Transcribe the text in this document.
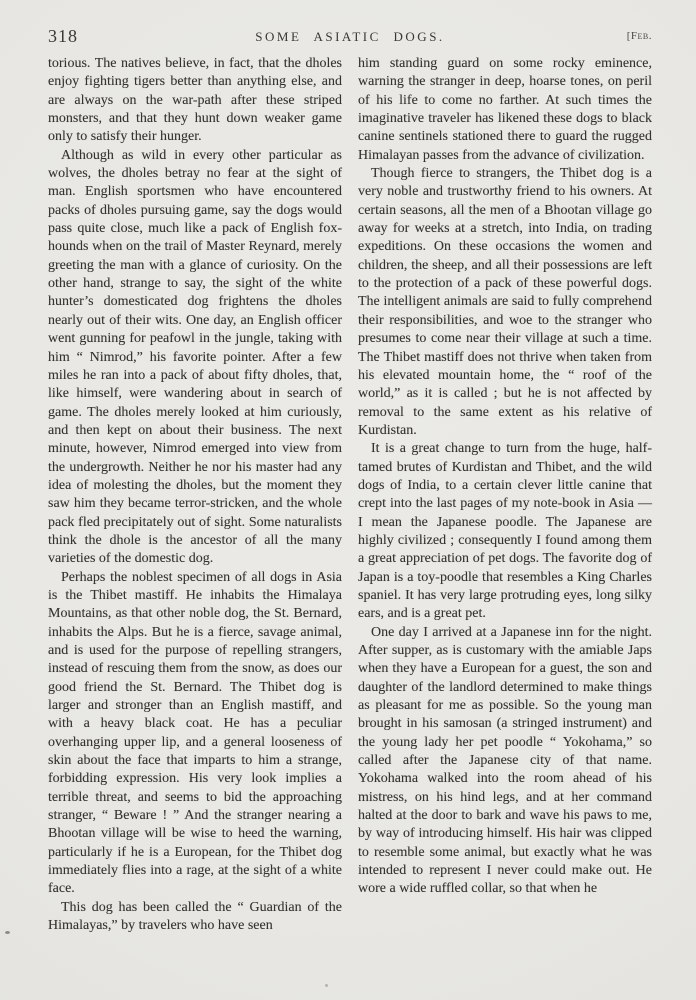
318	SOME ASIATIC DOGS.	[Feb.

torious. The natives believe, in fact, that the dholes enjoy fighting tigers better than anything else, and are always on the war-path after these striped monsters, and that they hunt down weaker game only to satisfy their hunger.

Although as wild in every other particular as wolves, the dholes betray no fear at the sight of man. English sportsmen who have encountered packs of dholes pursuing game, say the dogs would pass quite close, much like a pack of English fox-hounds when on the trail of Master Reynard, merely greeting the man with a glance of curiosity. On the other hand, strange to say, the sight of the white hunter’s domesticated dog frightens the dholes nearly out of their wits. One day, an English officer went gunning for peafowl in the jungle, taking with him “ Nimrod,” his favorite pointer. After a few miles he ran into a pack of about fifty dholes, that, like himself, were wandering about in search of game. The dholes merely looked at him curiously, and then kept on about their business. The next minute, however, Nimrod emerged into view from the undergrowth. Neither he nor his master had any idea of molesting the dholes, but the moment they saw him they became terror-stricken, and the whole pack fled precipitately out of sight. Some naturalists think the dhole is the ancestor of all the many varieties of the domestic dog.

Perhaps the noblest specimen of all dogs in Asia is the Thibet mastiff. He inhabits the Himalaya Mountains, as that other noble dog, the St. Bernard, inhabits the Alps. But he is a fierce, savage animal, and is used for the purpose of repelling strangers, instead of rescuing them from the snow, as does our good friend the St. Bernard. The Thibet dog is larger and stronger than an English mastiff, and with a heavy black coat. He has a peculiar overhanging upper lip, and a general looseness of skin about the face that imparts to him a strange, forbidding expression. His very look implies a terrible threat, and seems to bid the approaching stranger, “ Beware ! ” And the stranger nearing a Bhootan village will be wise to heed the warning, particularly if he is a European, for the Thibet dog immediately flies into a rage, at the sight of a white face.

This dog has been called the “ Guardian of the Himalayas,” by travelers who have seen

him standing guard on some rocky eminence, warning the stranger in deep, hoarse tones, on peril of his life to come no farther. At such times the imaginative traveler has likened these dogs to black canine sentinels stationed there to guard the rugged Himalayan passes from the advance of civilization.

Though fierce to strangers, the Thibet dog is a very noble and trustworthy friend to his owners. At certain seasons, all the men of a Bhootan village go away for weeks at a stretch, into India, on trading expeditions. On these occasions the women and children, the sheep, and all their possessions are left to the protection of a pack of these powerful dogs. The intelligent animals are said to fully comprehend their responsibilities, and woe to the stranger who presumes to come near their village at such a time. The Thibet mastiff does not thrive when taken from his elevated mountain home, the “ roof of the world,” as it is called ; but he is not affected by removal to the same extent as his relative of Kurdistan.

It is a great change to turn from the huge, half-tamed brutes of Kurdistan and Thibet, and the wild dogs of India, to a certain clever little canine that crept into the last pages of my note-book in Asia — I mean the Japanese poodle. The Japanese are highly civilized ; consequently I found among them a great appreciation of pet dogs. The favorite dog of Japan is a toy-poodle that resembles a King Charles spaniel. It has very large protruding eyes, long silky ears, and is a great pet.

One day I arrived at a Japanese inn for the night. After supper, as is customary with the amiable Japs when they have a European for a guest, the son and daughter of the landlord determined to make things as pleasant for me as possible. So the young man brought in his samosan (a stringed instrument) and the young lady her pet poodle “ Yokohama,” so called after the Japanese city of that name. Yokohama walked into the room ahead of his mistress, on his hind legs, and at her command halted at the door to bark and wave his paws to me, by way of introducing himself. His hair was clipped to resemble some animal, but exactly what he was intended to represent I never could make out. He wore a wide ruffled collar, so that when he
